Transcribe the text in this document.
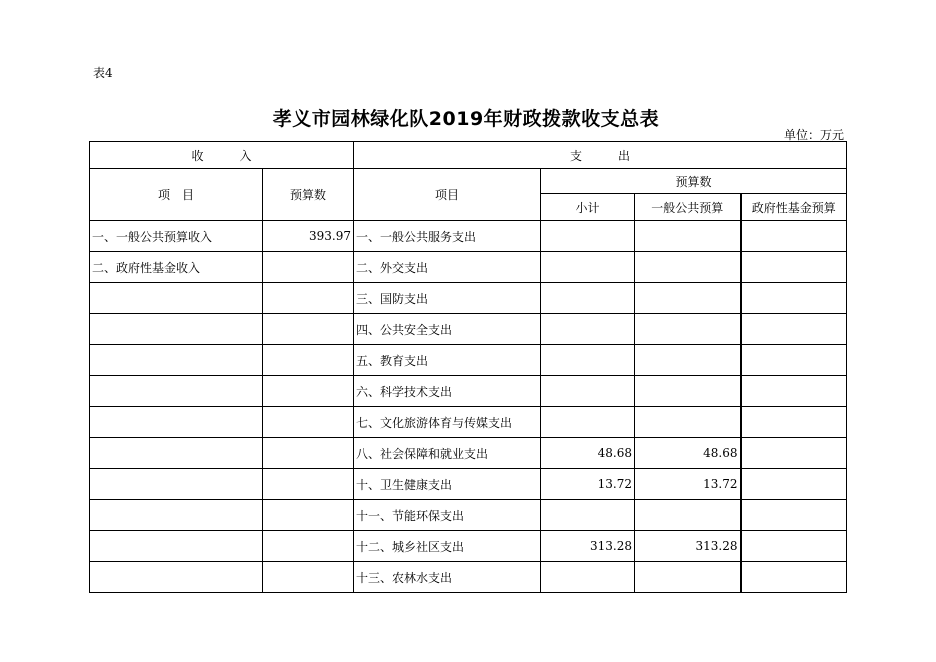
表4
孝义市园林绿化队2019年财政拨款收支总表
单位：万元
收　　　入		支　　　出			
项　目	预算数	项目	预算数		
			小计	一般公共预算	政府性基金预算
一、一般公共预算收入	393.97	一、一般公共服务支出			
二、政府性基金收入		二、外交支出			
		三、国防支出			
		四、公共安全支出			
		五、教育支出			
		六、科学技术支出			
		七、文化旅游体育与传媒支出			
		八、社会保障和就业支出	48.68	48.68	
		十、卫生健康支出	13.72	13.72	
		十一、节能环保支出			
		十二、城乡社区支出	313.28	313.28	
		十三、农林水支出			
